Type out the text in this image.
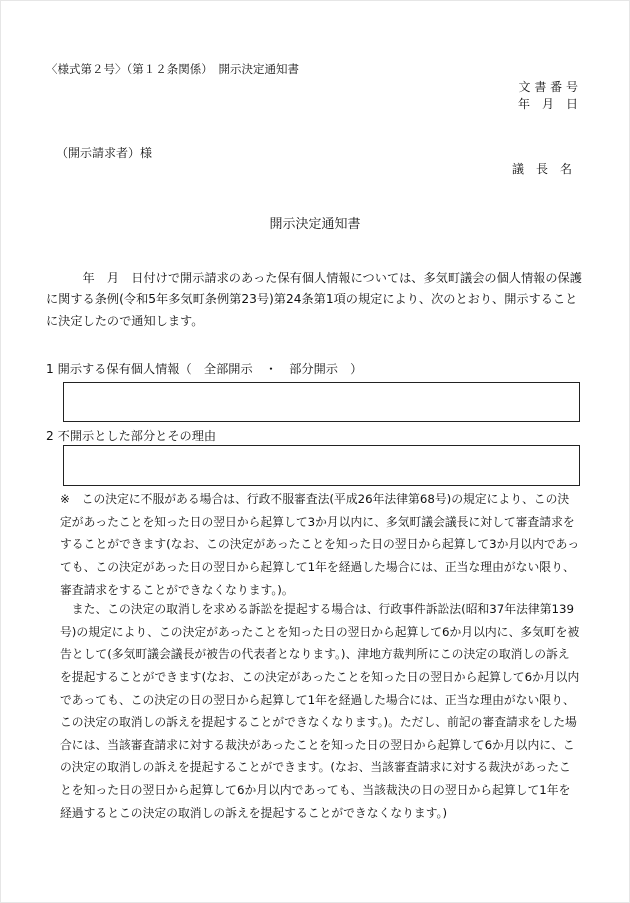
〈様式第２号〉（第１２条関係）　開示決定通知書
文 書 番 号
年　月　日
（開示請求者）様
議　長　名
開示決定通知書
　　　年　月　日付けで開示請求のあった保有個人情報については、多気町議会の個人情報の保護に関する条例(令和5年多気町条例第23号)第24条第1項の規定により、次のとおり、開示することに決定したので通知します。
1 開示する保有個人情報（　全部開示　・　部分開示　）
2 不開示とした部分とその理由
※　この決定に不服がある場合は、行政不服審査法(平成26年法律第68号)の規定により、この決定があったことを知った日の翌日から起算して3か月以内に、多気町議会議長に対して審査請求をすることができます(なお、この決定があったことを知った日の翌日から起算して3か月以内であっても、この決定があった日の翌日から起算して1年を経過した場合には、正当な理由がない限り、審査請求をすることができなくなります。)。
　また、この決定の取消しを求める訴訟を提起する場合は、行政事件訴訟法(昭和37年法律第139号)の規定により、この決定があったことを知った日の翌日から起算して6か月以内に、多気町を被告として(多気町議会議長が被告の代表者となります。)、津地方裁判所にこの決定の取消しの訴えを提起することができます(なお、この決定があったことを知った日の翌日から起算して6か月以内であっても、この決定の日の翌日から起算して1年を経過した場合には、正当な理由がない限り、この決定の取消しの訴えを提起することができなくなります。)。ただし、前記の審査請求をした場合には、当該審査請求に対する裁決があったことを知った日の翌日から起算して6か月以内に、この決定の取消しの訴えを提起することができます。(なお、当該審査請求に対する裁決があったことを知った日の翌日から起算して6か月以内であっても、当該裁決の日の翌日から起算して1年を経過するとこの決定の取消しの訴えを提起することができなくなります。)
